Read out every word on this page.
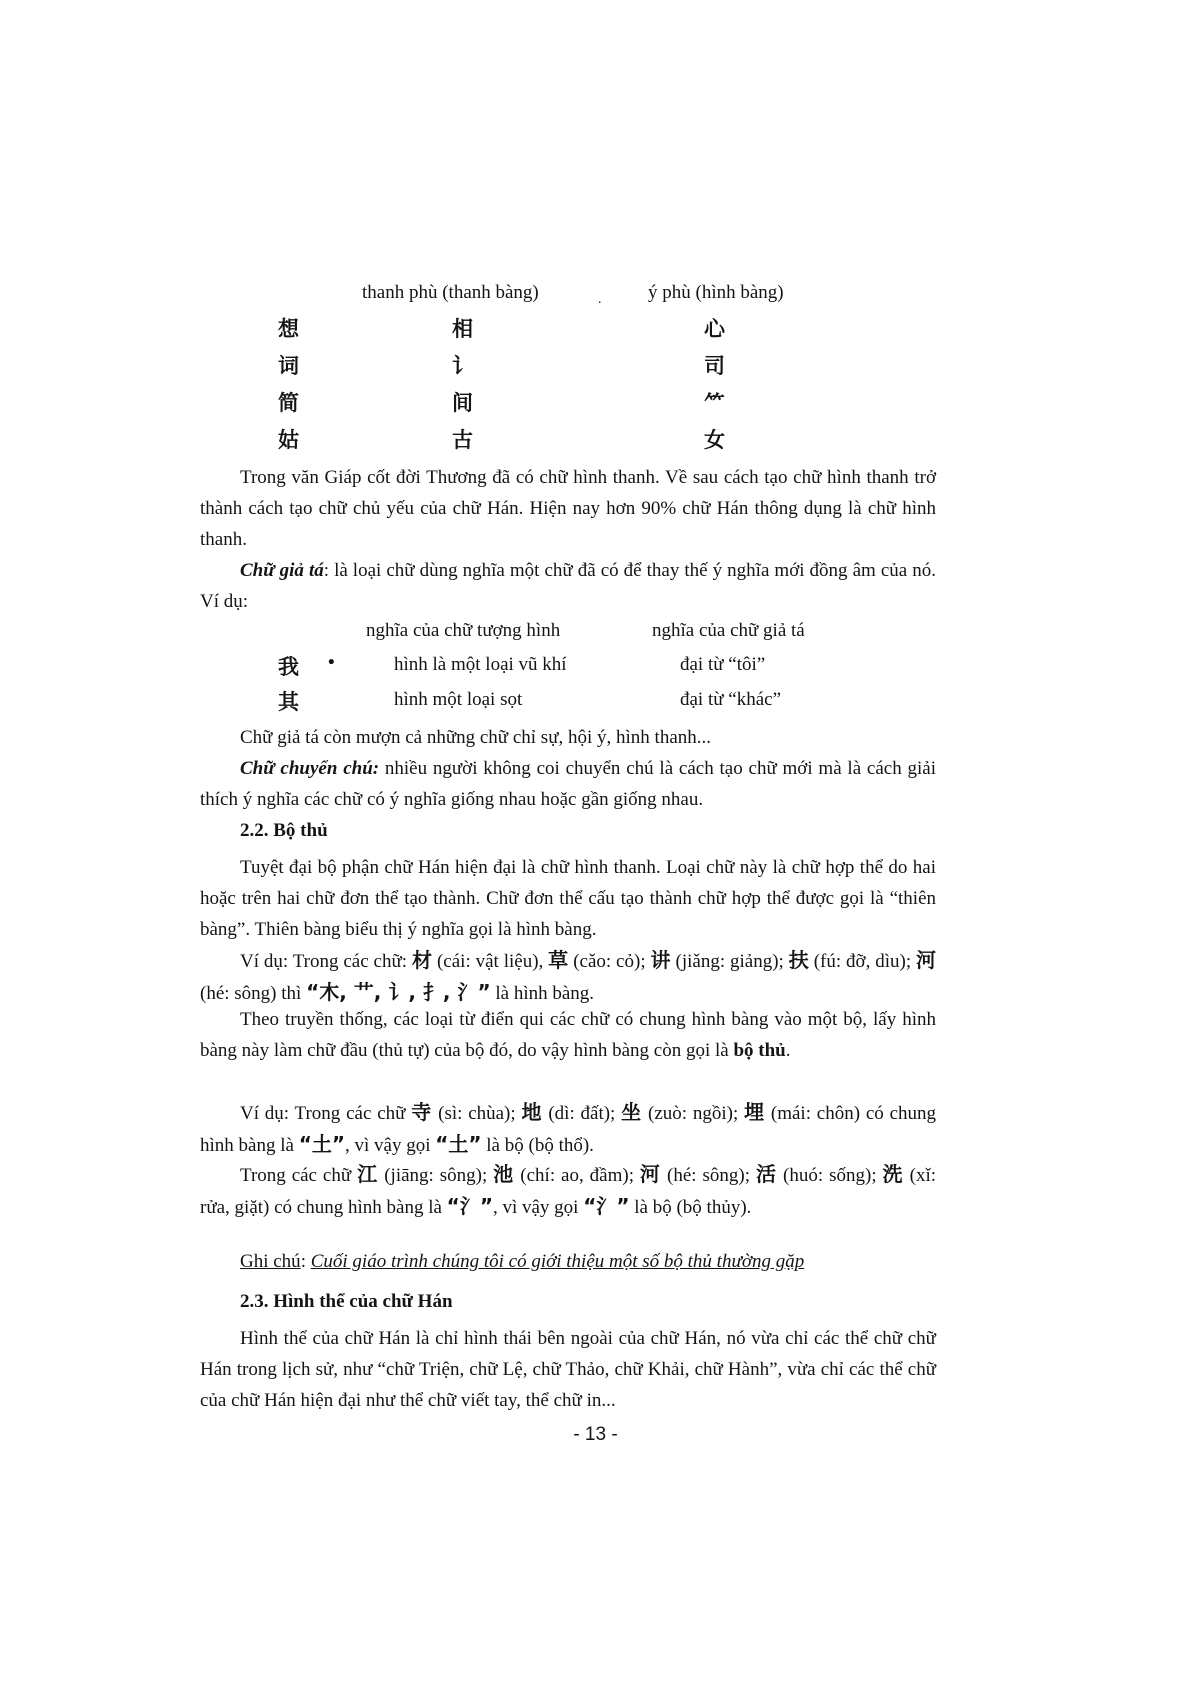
thanh phù (thanh bàng)	. ý phù (hình bàng)
想	相	心
词	讠	司
简	间	⺮
姑	古	女

Trong văn Giáp cốt đời Thương đã có chữ hình thanh. Về sau cách tạo chữ hình thanh trở thành cách tạo chữ chủ yếu của chữ Hán. Hiện nay hơn 90% chữ Hán thông dụng là chữ hình thanh.

Chữ giả tá: là loại chữ dùng nghĩa một chữ đã có để thay thế ý nghĩa mới đồng âm của nó. Ví dụ:

nghĩa của chữ tượng hình	nghĩa của chữ giả tá
我 •	hình là một loại vũ khí	đại từ “tôi”
其	hình một loại sọt	đại từ “khác”

Chữ giả tá còn mượn cả những chữ chỉ sự, hội ý, hình thanh...

Chữ chuyển chú: nhiều người không coi chuyển chú là cách tạo chữ mới mà là cách giải thích ý nghĩa các chữ có ý nghĩa giống nhau hoặc gần giống nhau.

2.2. Bộ thủ

Tuyệt đại bộ phận chữ Hán hiện đại là chữ hình thanh. Loại chữ này là chữ hợp thể do hai hoặc trên hai chữ đơn thể tạo thành. Chữ đơn thể cấu tạo thành chữ hợp thể được gọi là “thiên bàng”. Thiên bàng biểu thị ý nghĩa gọi là hình bàng.

Ví dụ: Trong các chữ: 材 (cái: vật liệu), 草 (cǎo: cỏ); 讲 (jiǎng: giảng); 扶 (fú: đỡ, dìu); 河 (hé: sông) thì “木, 艹, 讠, 扌, 氵” là hình bàng.

Theo truyền thống, các loại từ điển qui các chữ có chung hình bàng vào một bộ, lấy hình bàng này làm chữ đầu (thủ tự) của bộ đó, do vậy hình bàng còn gọi là bộ thủ.

Ví dụ: Trong các chữ 寺 (sì: chùa); 地 (dì: đất); 坐 (zuò: ngồi); 埋 (mái: chôn) có chung hình bàng là “土”, vì vậy gọi “土” là bộ (bộ thổ).

Trong các chữ 江 (jiāng: sông); 池 (chí: ao, đầm); 河 (hé: sông); 活 (huó: sống); 洗 (xǐ: rửa, giặt) có chung hình bàng là “氵”, vì vậy gọi “氵” là bộ (bộ thủy).

Ghi chú: Cuối giáo trình chúng tôi có giới thiệu một số bộ thủ thường gặp

2.3. Hình thể của chữ Hán

Hình thể của chữ Hán là chỉ hình thái bên ngoài của chữ Hán, nó vừa chỉ các thể chữ chữ Hán trong lịch sử, như “chữ Triện, chữ Lệ, chữ Thảo, chữ Khải, chữ Hành”, vừa chỉ các thể chữ của chữ Hán hiện đại như thể chữ viết tay, thể chữ in...

- 13 -
